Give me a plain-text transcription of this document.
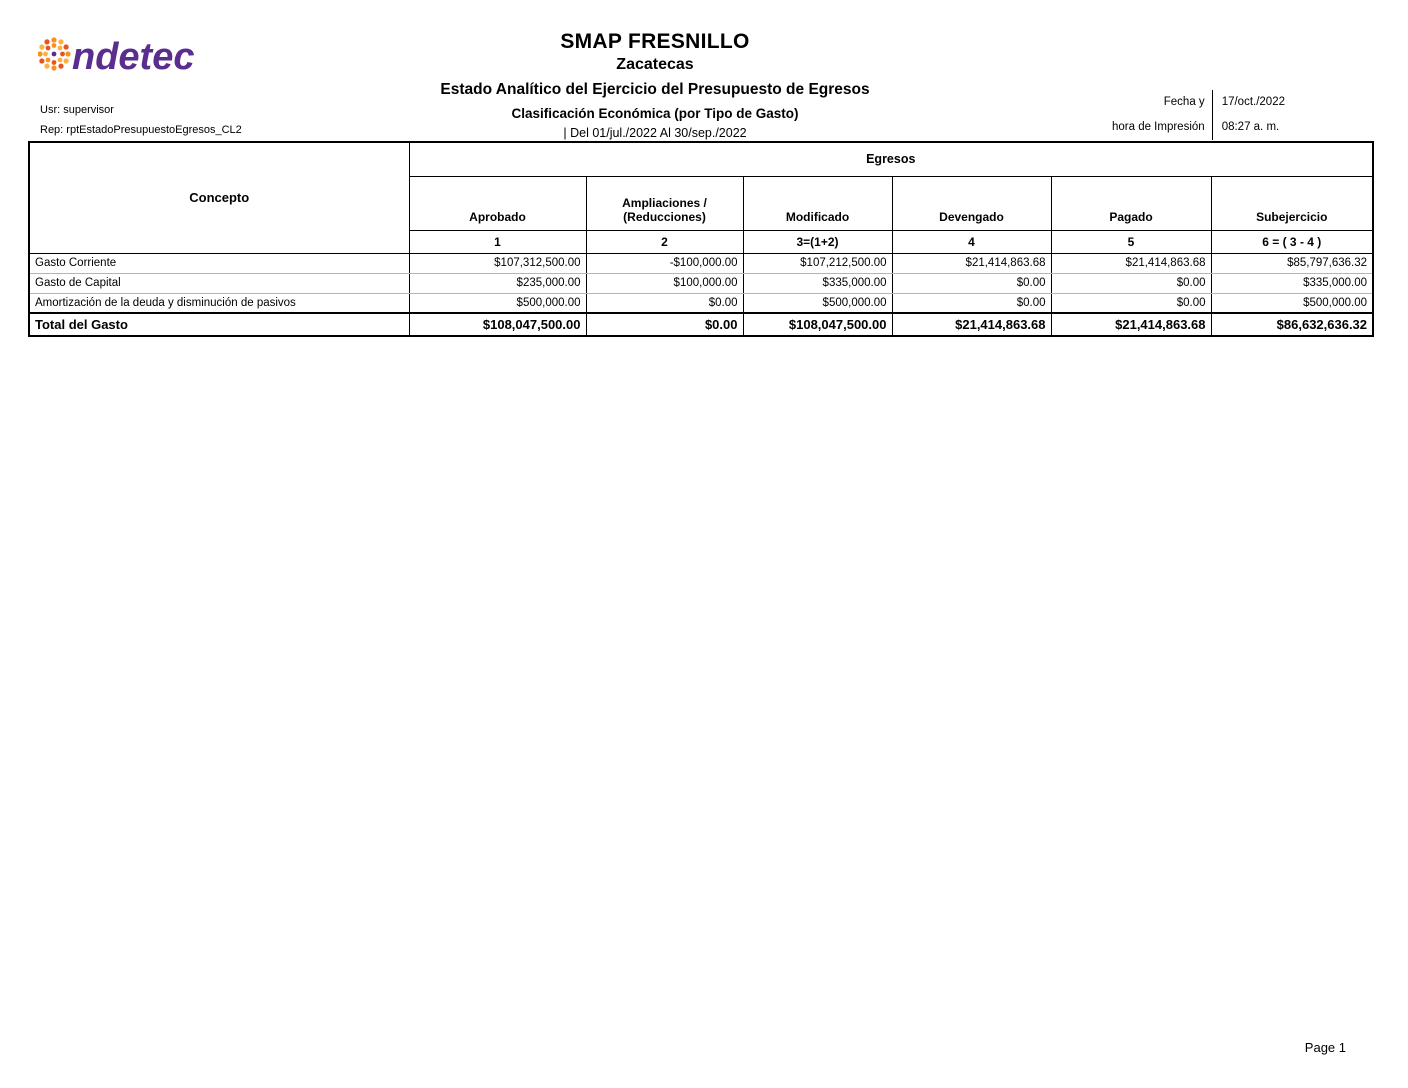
ndetec
Usr: supervisor
Rep: rptEstadoPresupuestoEgresos_CL2
SMAP FRESNILLO
Zacatecas
Estado Analítico del Ejercicio del Presupuesto de Egresos
Clasificación Económica (por Tipo de Gasto)
| Del 01/jul./2022 Al 30/sep./2022
Fecha y
hora de Impresión
17/oct./2022
08:27 a. m.
Concepto	Egresos					
	Aprobado	Ampliaciones / (Reducciones)	Modificado	Devengado	Pagado	Subejercicio
	1	2	3=(1+2)	4	5	6 = ( 3 - 4 )
Gasto Corriente	$107,312,500.00	-$100,000.00	$107,212,500.00	$21,414,863.68	$21,414,863.68	$85,797,636.32
Gasto de Capital	$235,000.00	$100,000.00	$335,000.00	$0.00	$0.00	$335,000.00
Amortización de la deuda y disminución de pasivos	$500,000.00	$0.00	$500,000.00	$0.00	$0.00	$500,000.00
Total del Gasto	$108,047,500.00	$0.00	$108,047,500.00	$21,414,863.68	$21,414,863.68	$86,632,636.32
Page 1
